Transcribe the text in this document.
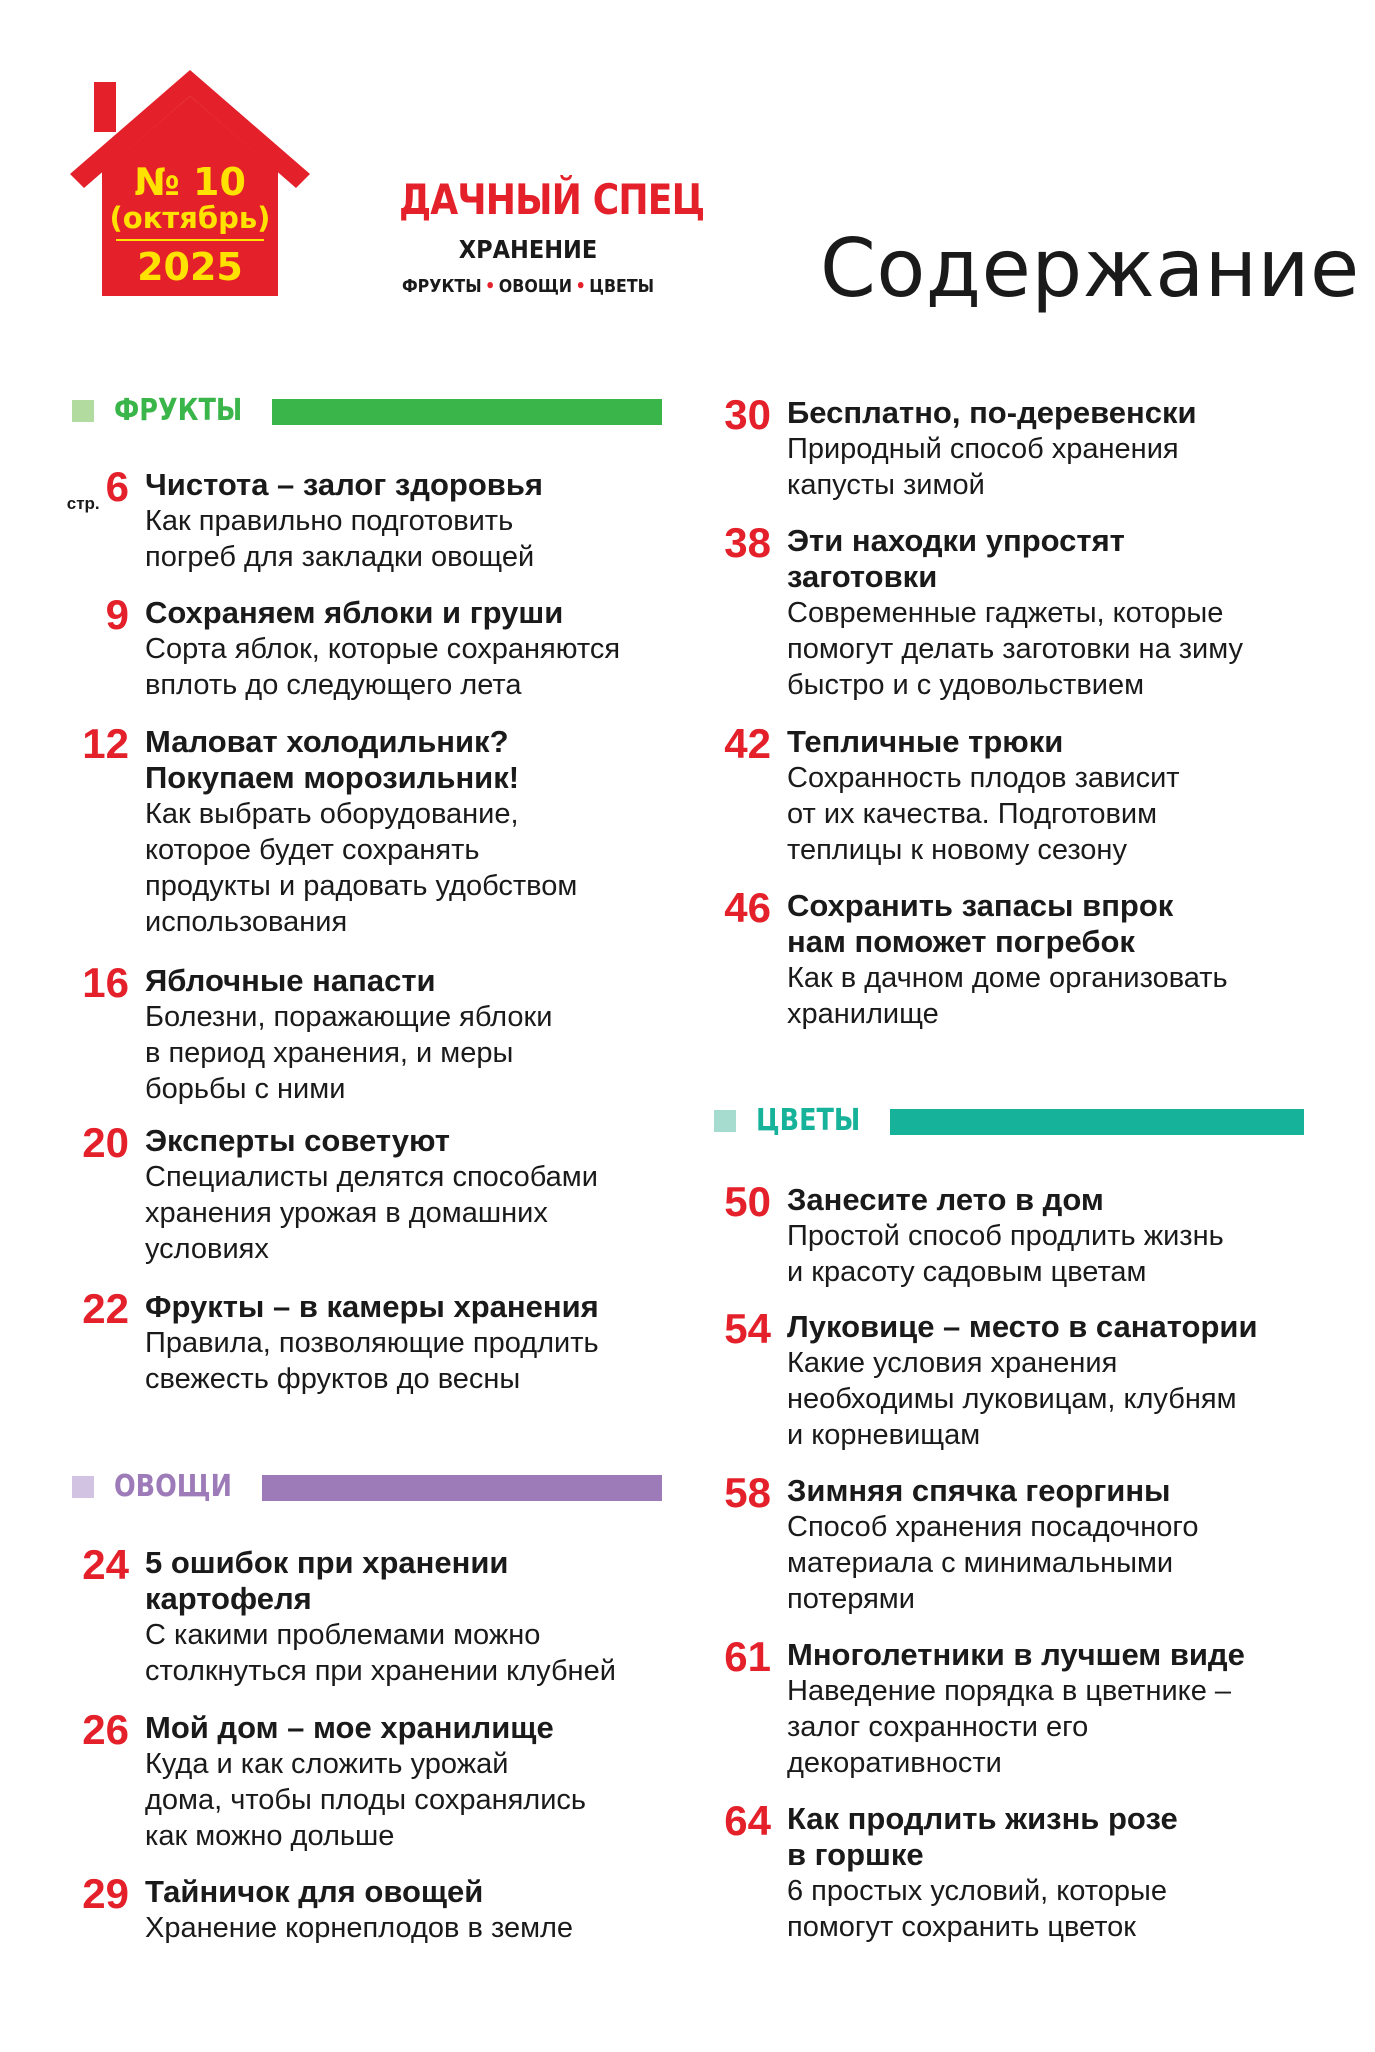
№ 10
(октябрь)
2025
ДАЧНЫЙ СПЕЦ
ХРАНЕНИЕ
ФРУКТЫ • ОВОЩИ • ЦВЕТЫ Содержание
ФРУКТЫ
ОВОЩИ
ЦВЕТЫ
стр. 6 Чистота – залог здоровья
Как правильно подготовить
погреб для закладки овощей
9 Сохраняем яблоки и груши
Сорта яблок, которые сохраняются
вплоть до следующего лета
12 Маловат холодильник?
Покупаем морозильник!
Как выбрать оборудование,
которое будет сохранять
продукты и радовать удобством
использования
16 Яблочные напасти
Болезни, поражающие яблоки
в период хранения, и меры
борьбы с ними
20 Эксперты советуют
Специалисты делятся способами
хранения урожая в домашних
условиях
22 Фрукты – в камеры хранения
Правила, позволяющие продлить
свежесть фруктов до весны
24 5 ошибок при хранении
картофеля
С какими проблемами можно
столкнуться при хранении клубней
26 Мой дом – мое хранилище
Куда и как сложить урожай
дома, чтобы плоды сохранялись
как можно дольше
29 Тайничок для овощей
Хранение корнеплодов в земле
30 Бесплатно, по-деревенски
Природный способ хранения
капусты зимой
38 Эти находки упростят
заготовки
Современные гаджеты, которые
помогут делать заготовки на зиму
быстро и с удовольствием
42 Тепличные трюки
Сохранность плодов зависит
от их качества. Подготовим
теплицы к новому сезону
46 Сохранить запасы впрок
нам поможет погребок
Как в дачном доме организовать
хранилище
50 Занесите лето в дом
Простой способ продлить жизнь
и красоту садовым цветам
54 Луковице – место в санатории
Какие условия хранения
необходимы луковицам, клубням
и корневищам
58 Зимняя спячка георгины
Способ хранения посадочного
материала с минимальными
потерями
61 Многолетники в лучшем виде
Наведение порядка в цветнике –
залог сохранности его
декоративности
64 Как продлить жизнь розе
в горшке
6 простых условий, которые
помогут сохранить цветок
